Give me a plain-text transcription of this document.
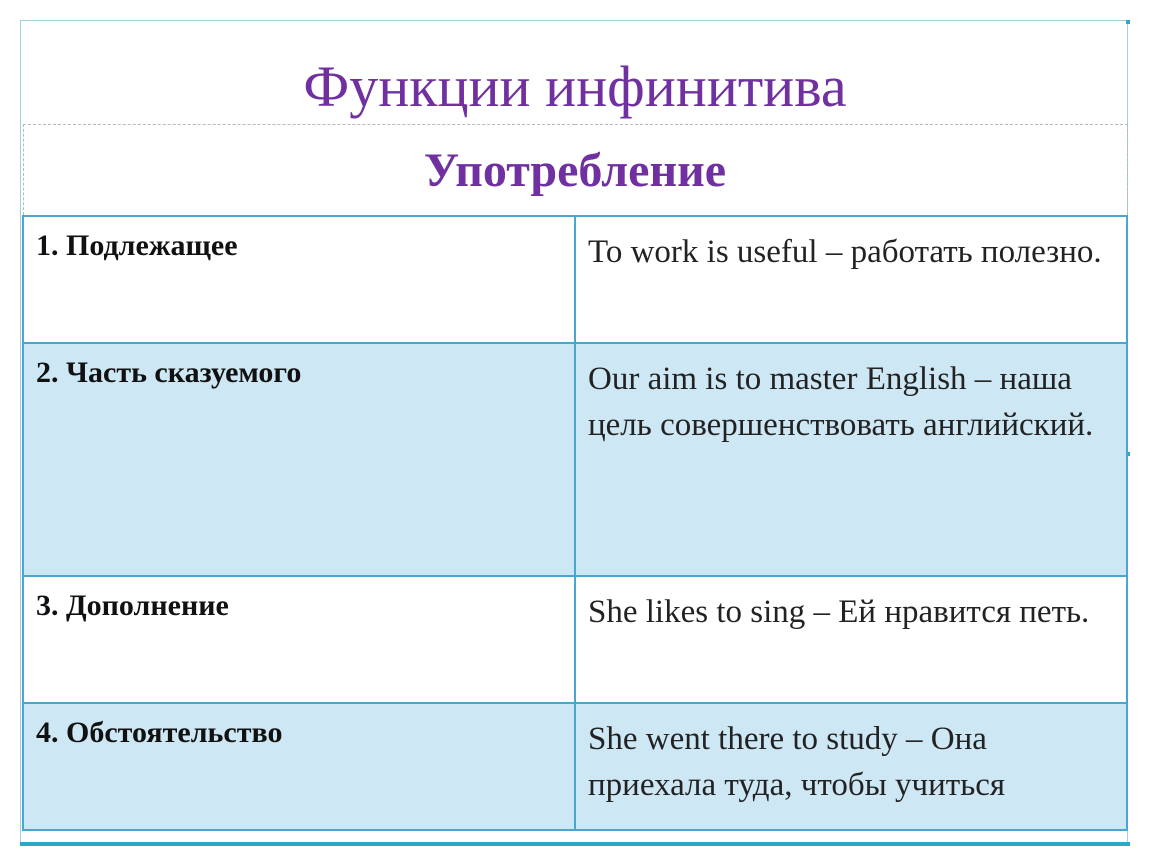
Функции инфинитива
Употребление	
1. Подлежащее	To work is useful – работать полезно.
2. Часть сказуемого	Our aim is to master English – наша цель совершенствовать английский.
3. Дополнение	She likes to sing – Ей нравится петь.
4. Обстоятельство	She went there to study – Она приехала туда, чтобы учиться
